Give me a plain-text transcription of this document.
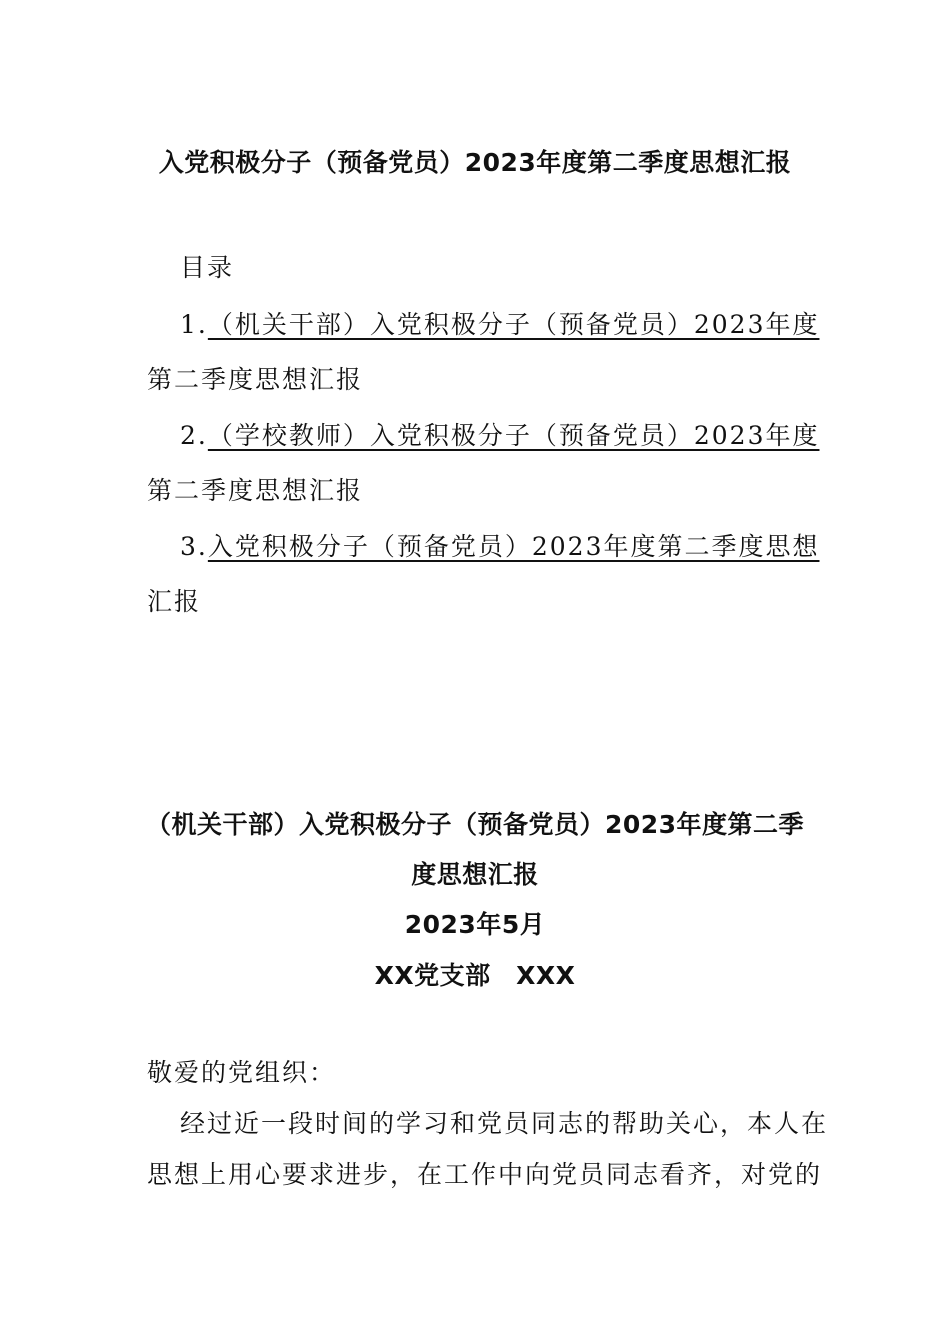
入党积极分子（预备党员）2023年度第二季度思想汇报
目录
1.（机关干部）入党积极分子（预备党员）2023年度
第二季度思想汇报
2.（学校教师）入党积极分子（预备党员）2023年度
第二季度思想汇报
3.入党积极分子（预备党员）2023年度第二季度思想
汇报
（机关干部）入党积极分子（预备党员）2023年度第二季
度思想汇报
2023年5月
XX党支部　XXX
敬爱的党组织：
经过近一段时间的学习和党员同志的帮助关心，本人在
思想上用心要求进步，在工作中向党员同志看齐，对党的
